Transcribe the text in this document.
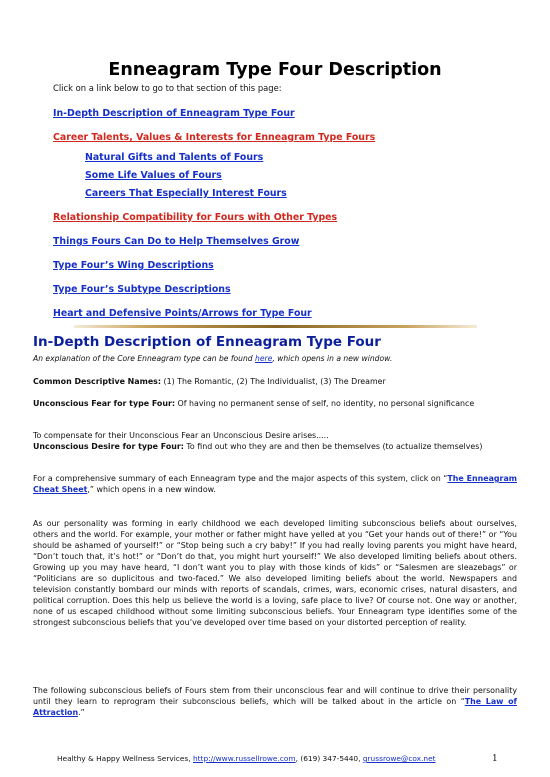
Enneagram Type Four Description

Click on a link below to go to that section of this page:

In-Depth Description of Enneagram Type Four
Career Talents, Values & Interests for Enneagram Type Fours
Natural Gifts and Talents of Fours
Some Life Values of Fours
Careers That Especially Interest Fours
Relationship Compatibility for Fours with Other Types
Things Fours Can Do to Help Themselves Grow
Type Four’s Wing Descriptions
Type Four’s Subtype Descriptions
Heart and Defensive Points/Arrows for Type Four
In-Depth Description of Enneagram Type Four

An explanation of the Core Enneagram type can be found here, which opens in a new window.

Common Descriptive Names: (1) The Romantic, (2) The Individualist, (3) The Dreamer

Unconscious Fear for type Four: Of having no permanent sense of self, no identity, no personal significance

To compensate for their Unconscious Fear an Unconscious Desire arises.....

Unconscious Desire for type Four: To find out who they are and then be themselves (to actualize themselves)

For a comprehensive summary of each Enneagram type and the major aspects of this system, click on “The Enneagram Cheat Sheet,” which opens in a new window.

As our personality was forming in early childhood we each developed limiting subconscious beliefs about ourselves, others and the world. For example, your mother or father might have yelled at you “Get your hands out of there!” or “You should be ashamed of yourself!” or “Stop being such a cry baby!” If you had really loving parents you might have heard, “Don’t touch that, it’s hot!” or “Don’t do that, you might hurt yourself!” We also developed limiting beliefs about others. Growing up you may have heard, “I don’t want you to play with those kinds of kids” or “Salesmen are sleazebags” or “Politicians are so duplicitous and two-faced.” We also developed limiting beliefs about the world. Newspapers and television constantly bombard our minds with reports of scandals, crimes, wars, economic crises, natural disasters, and political corruption. Does this help us believe the world is a loving, safe place to live? Of course not. One way or another, none of us escaped childhood without some limiting subconscious beliefs. Your Enneagram type identifies some of the strongest subconscious beliefs that you’ve developed over time based on your distorted perception of reality.

The following subconscious beliefs of Fours stem from their unconscious fear and will continue to drive their personality until they learn to reprogram their subconscious beliefs, which will be talked about in the article on “The Law of Attraction.”

Healthy & Happy Wellness Services, http://www.russellrowe.com, (619) 347-5440, grussrowe@cox.net	1
